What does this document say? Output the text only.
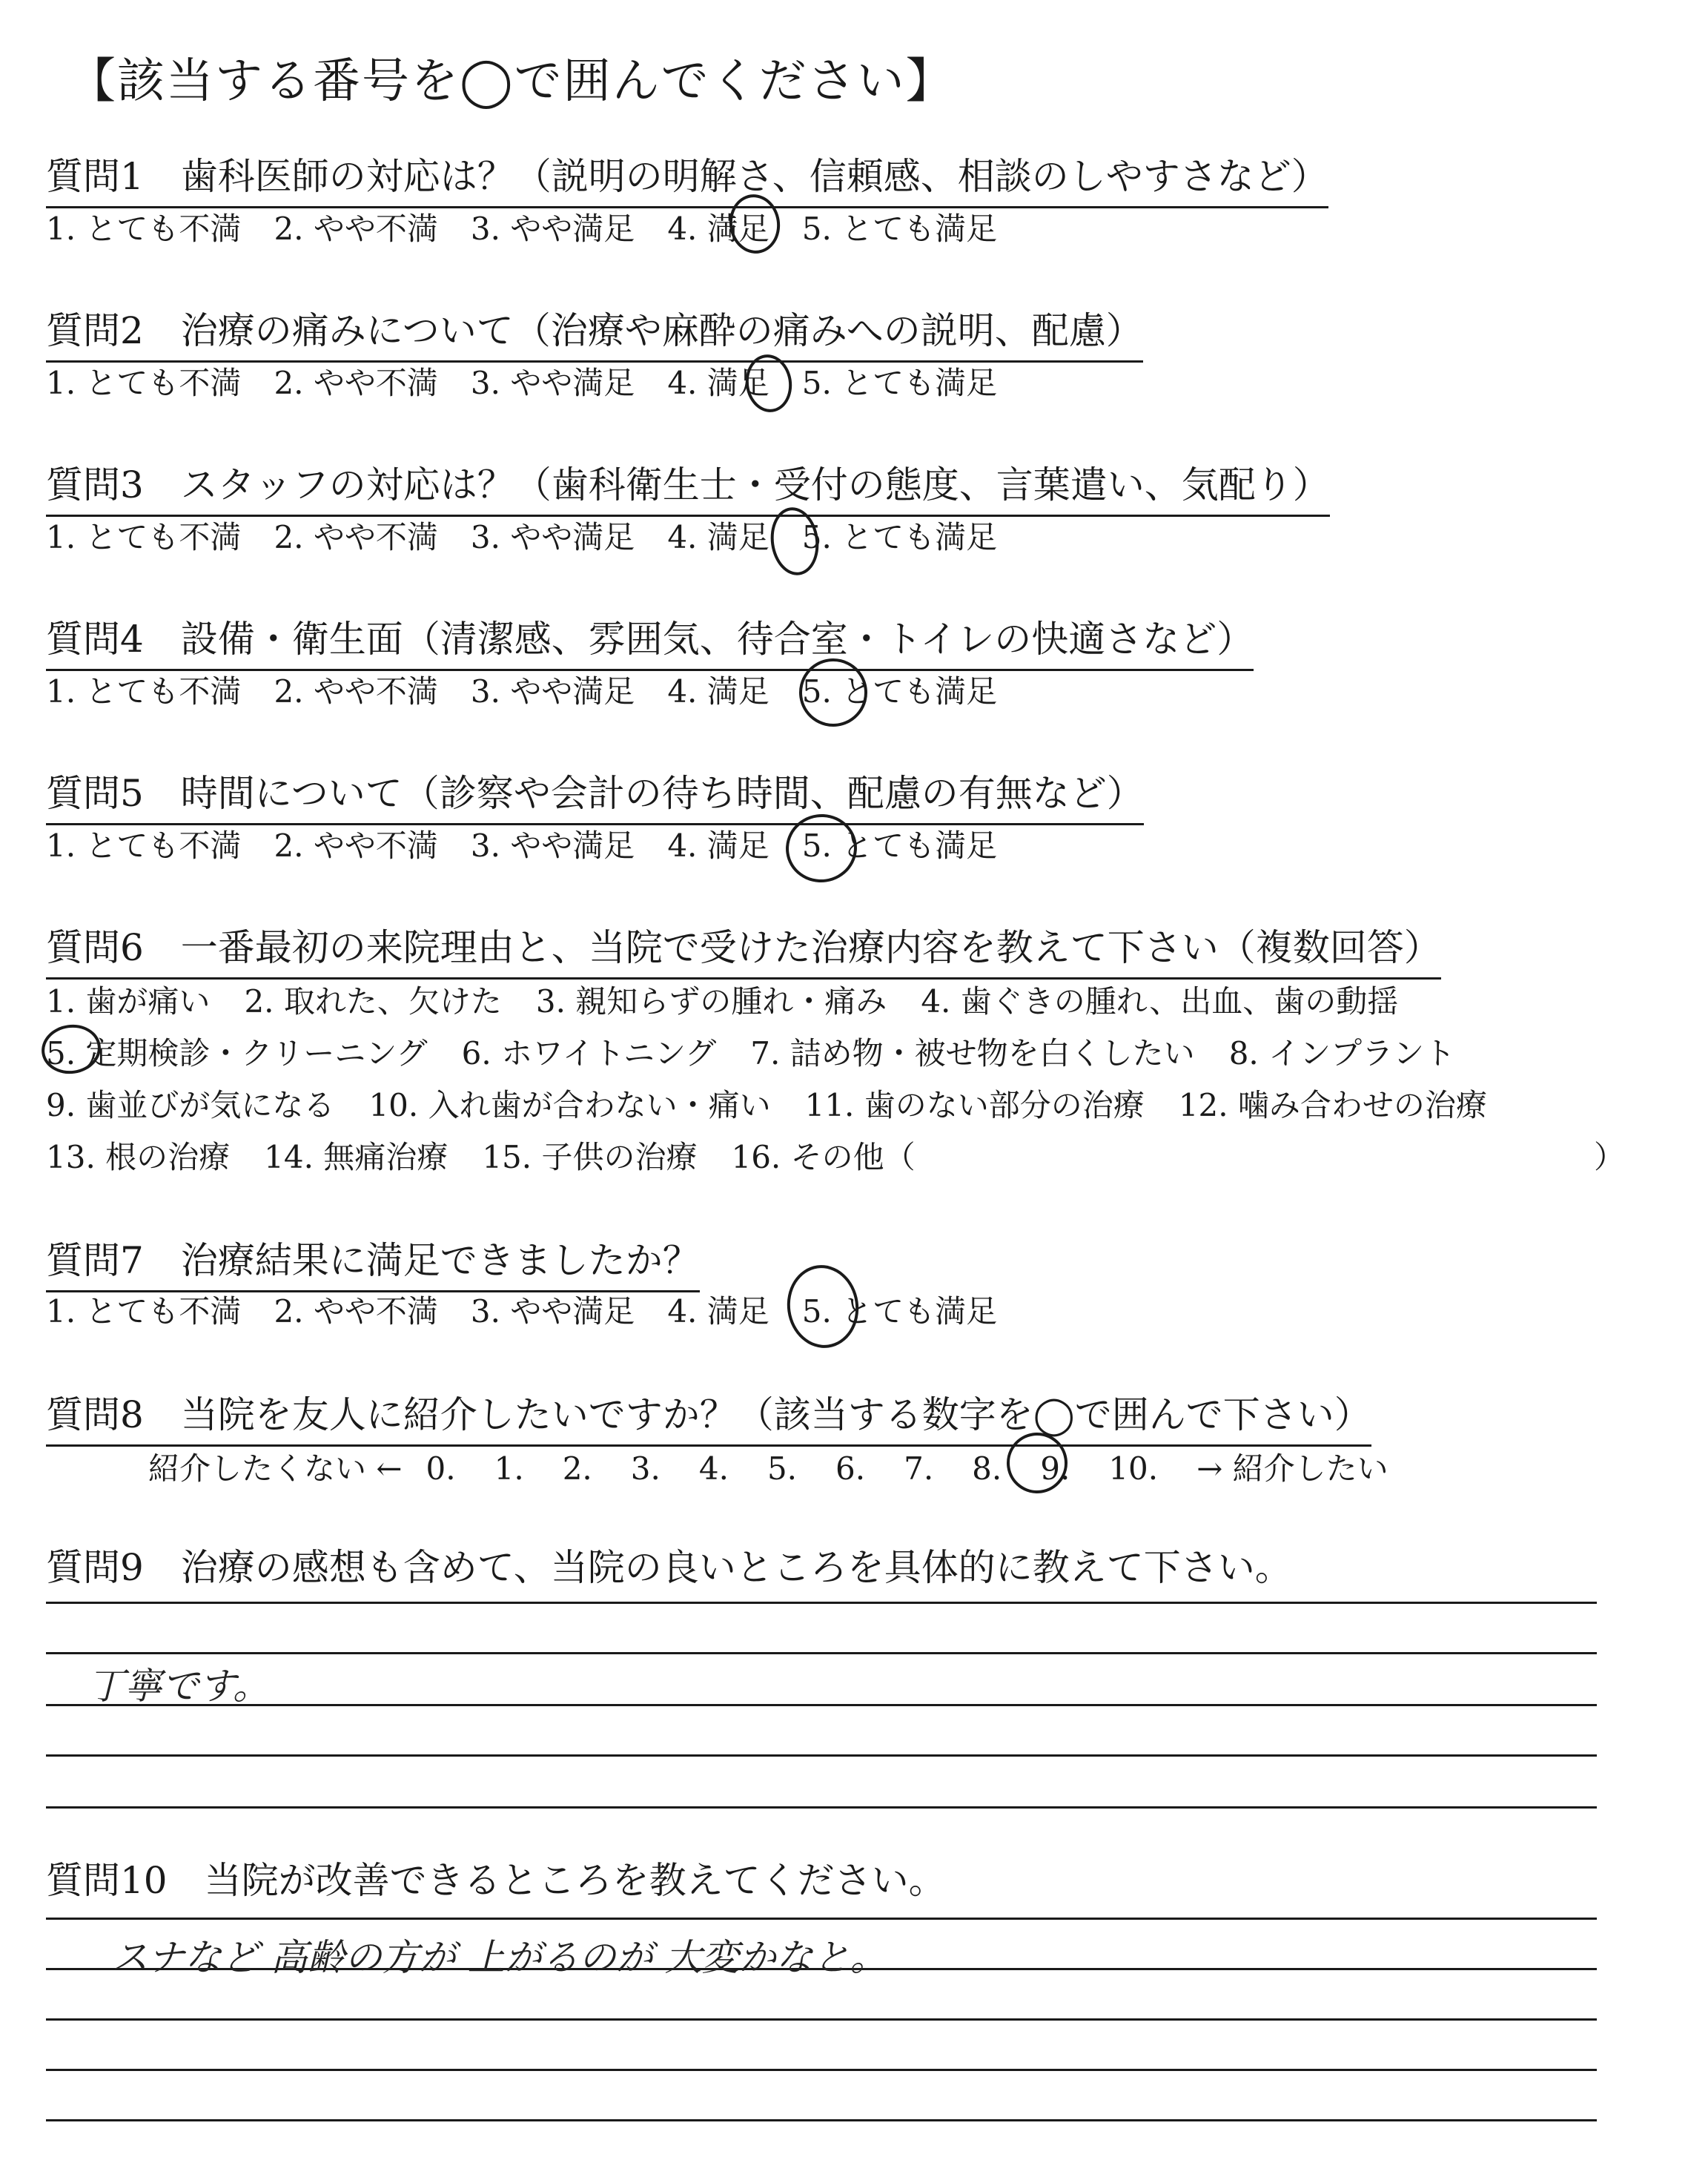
【該当する番号を◯で囲んでください】
質問1　歯科医師の対応は？（説明の明解さ、信頼感、相談のしやすさなど）
1. とても不満 2. やや不満 3. やや満足 4. 満足 5. とても満足
質問2　治療の痛みについて（治療や麻酔の痛みへの説明、配慮）
1. とても不満 2. やや不満 3. やや満足 4. 満足 5. とても満足
質問3　スタッフの対応は？（歯科衛生士・受付の態度、言葉遣い、気配り）
1. とても不満 2. やや不満 3. やや満足 4. 満足 5. とても満足
質問4　設備・衛生面（清潔感、雰囲気、待合室・トイレの快適さなど）
1. とても不満 2. やや不満 3. やや満足 4. 満足 5. とても満足
質問5　時間について（診察や会計の待ち時間、配慮の有無など）
1. とても不満 2. やや不満 3. やや満足 4. 満足 5. とても満足
質問6　一番最初の来院理由と、当院で受けた治療内容を教えて下さい（複数回答）
1. 歯が痛い 2. 取れた、欠けた 3. 親知らずの腫れ・痛み 4. 歯ぐきの腫れ、出血、歯の動揺
5. 定期検診・クリーニング 6. ホワイトニング 7. 詰め物・被せ物を白くしたい 8. インプラント
9. 歯並びが気になる 10. 入れ歯が合わない・痛い 11. 歯のない部分の治療 12. 噛み合わせの治療
13. 根の治療 14. 無痛治療 15. 子供の治療 16. その他（	）
質問7　治療結果に満足できましたか？
1. とても不満 2. やや不満 3. やや満足 4. 満足 5. とても満足
質問8　当院を友人に紹介したいですか？（該当する数字を◯で囲んで下さい）
紹介したくない ← 0. 1. 2. 3. 4. 5. 6. 7. 8. 9. 10. → 紹介したい
質問9　治療の感想も含めて、当院の良いところを具体的に教えて下さい。
丁寧です。
質問10　当院が改善できるところを教えてください。
スナなど 高齢の方が 上がるのが 大変かなと。
